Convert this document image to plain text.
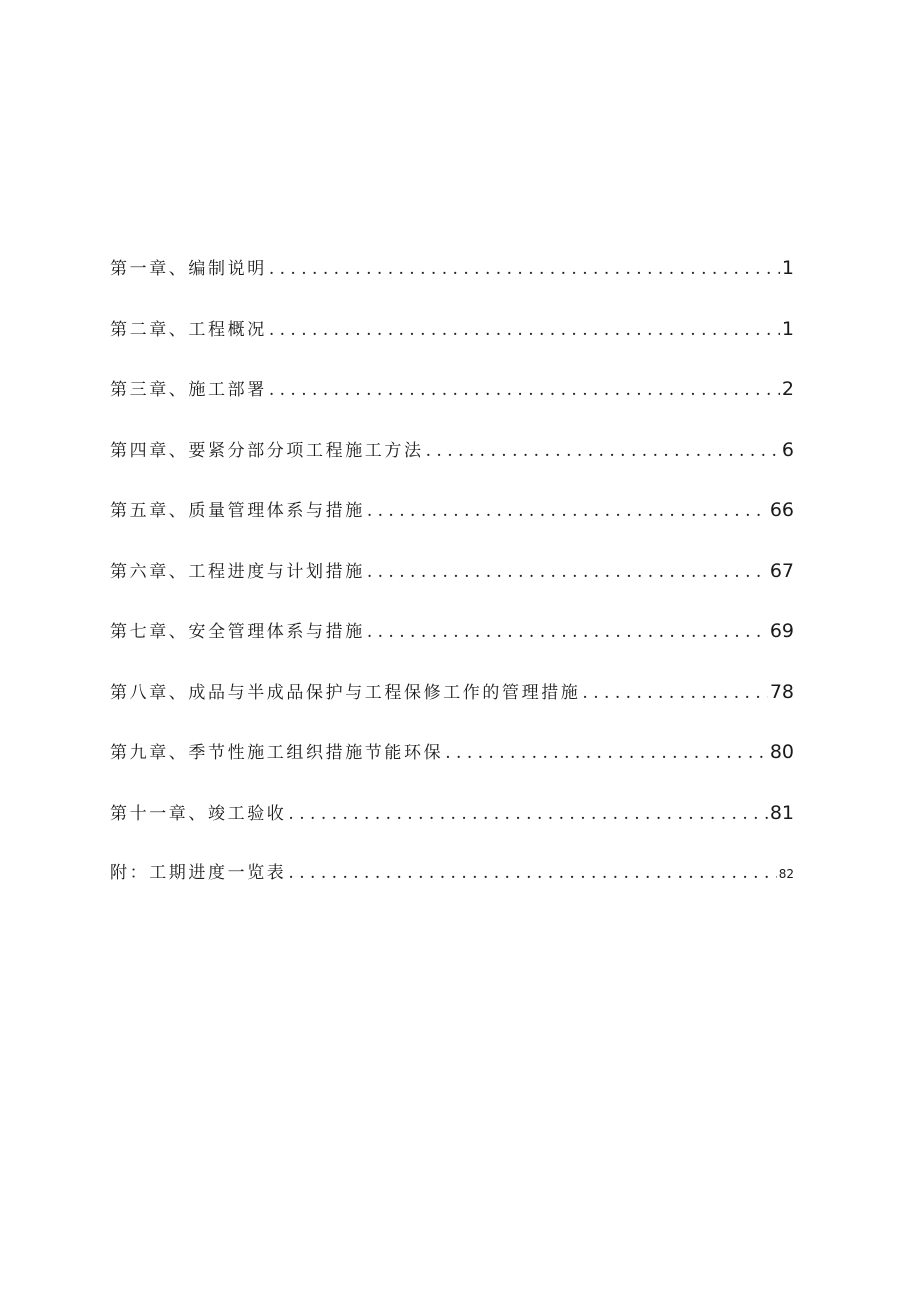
第一章、编制说明 . . .	1
第二章、工程概况 . . .	1
第三章、施工部署 . . .	2
第四章、要紧分部分项工程施工方法 . . .	6
第五章、质量管理体系与措施 . . .	66
第六章、工程进度与计划措施 . . .	67
第七章、安全管理体系与措施 . . .	69
第八章、成品与半成品保护与工程保修工作的管理措施 . . .	78
第九章、季节性施工组织措施节能环保 . . .	80
第十一章、竣工验收 . . .	81
附：工期进度一览表 . . .	82
